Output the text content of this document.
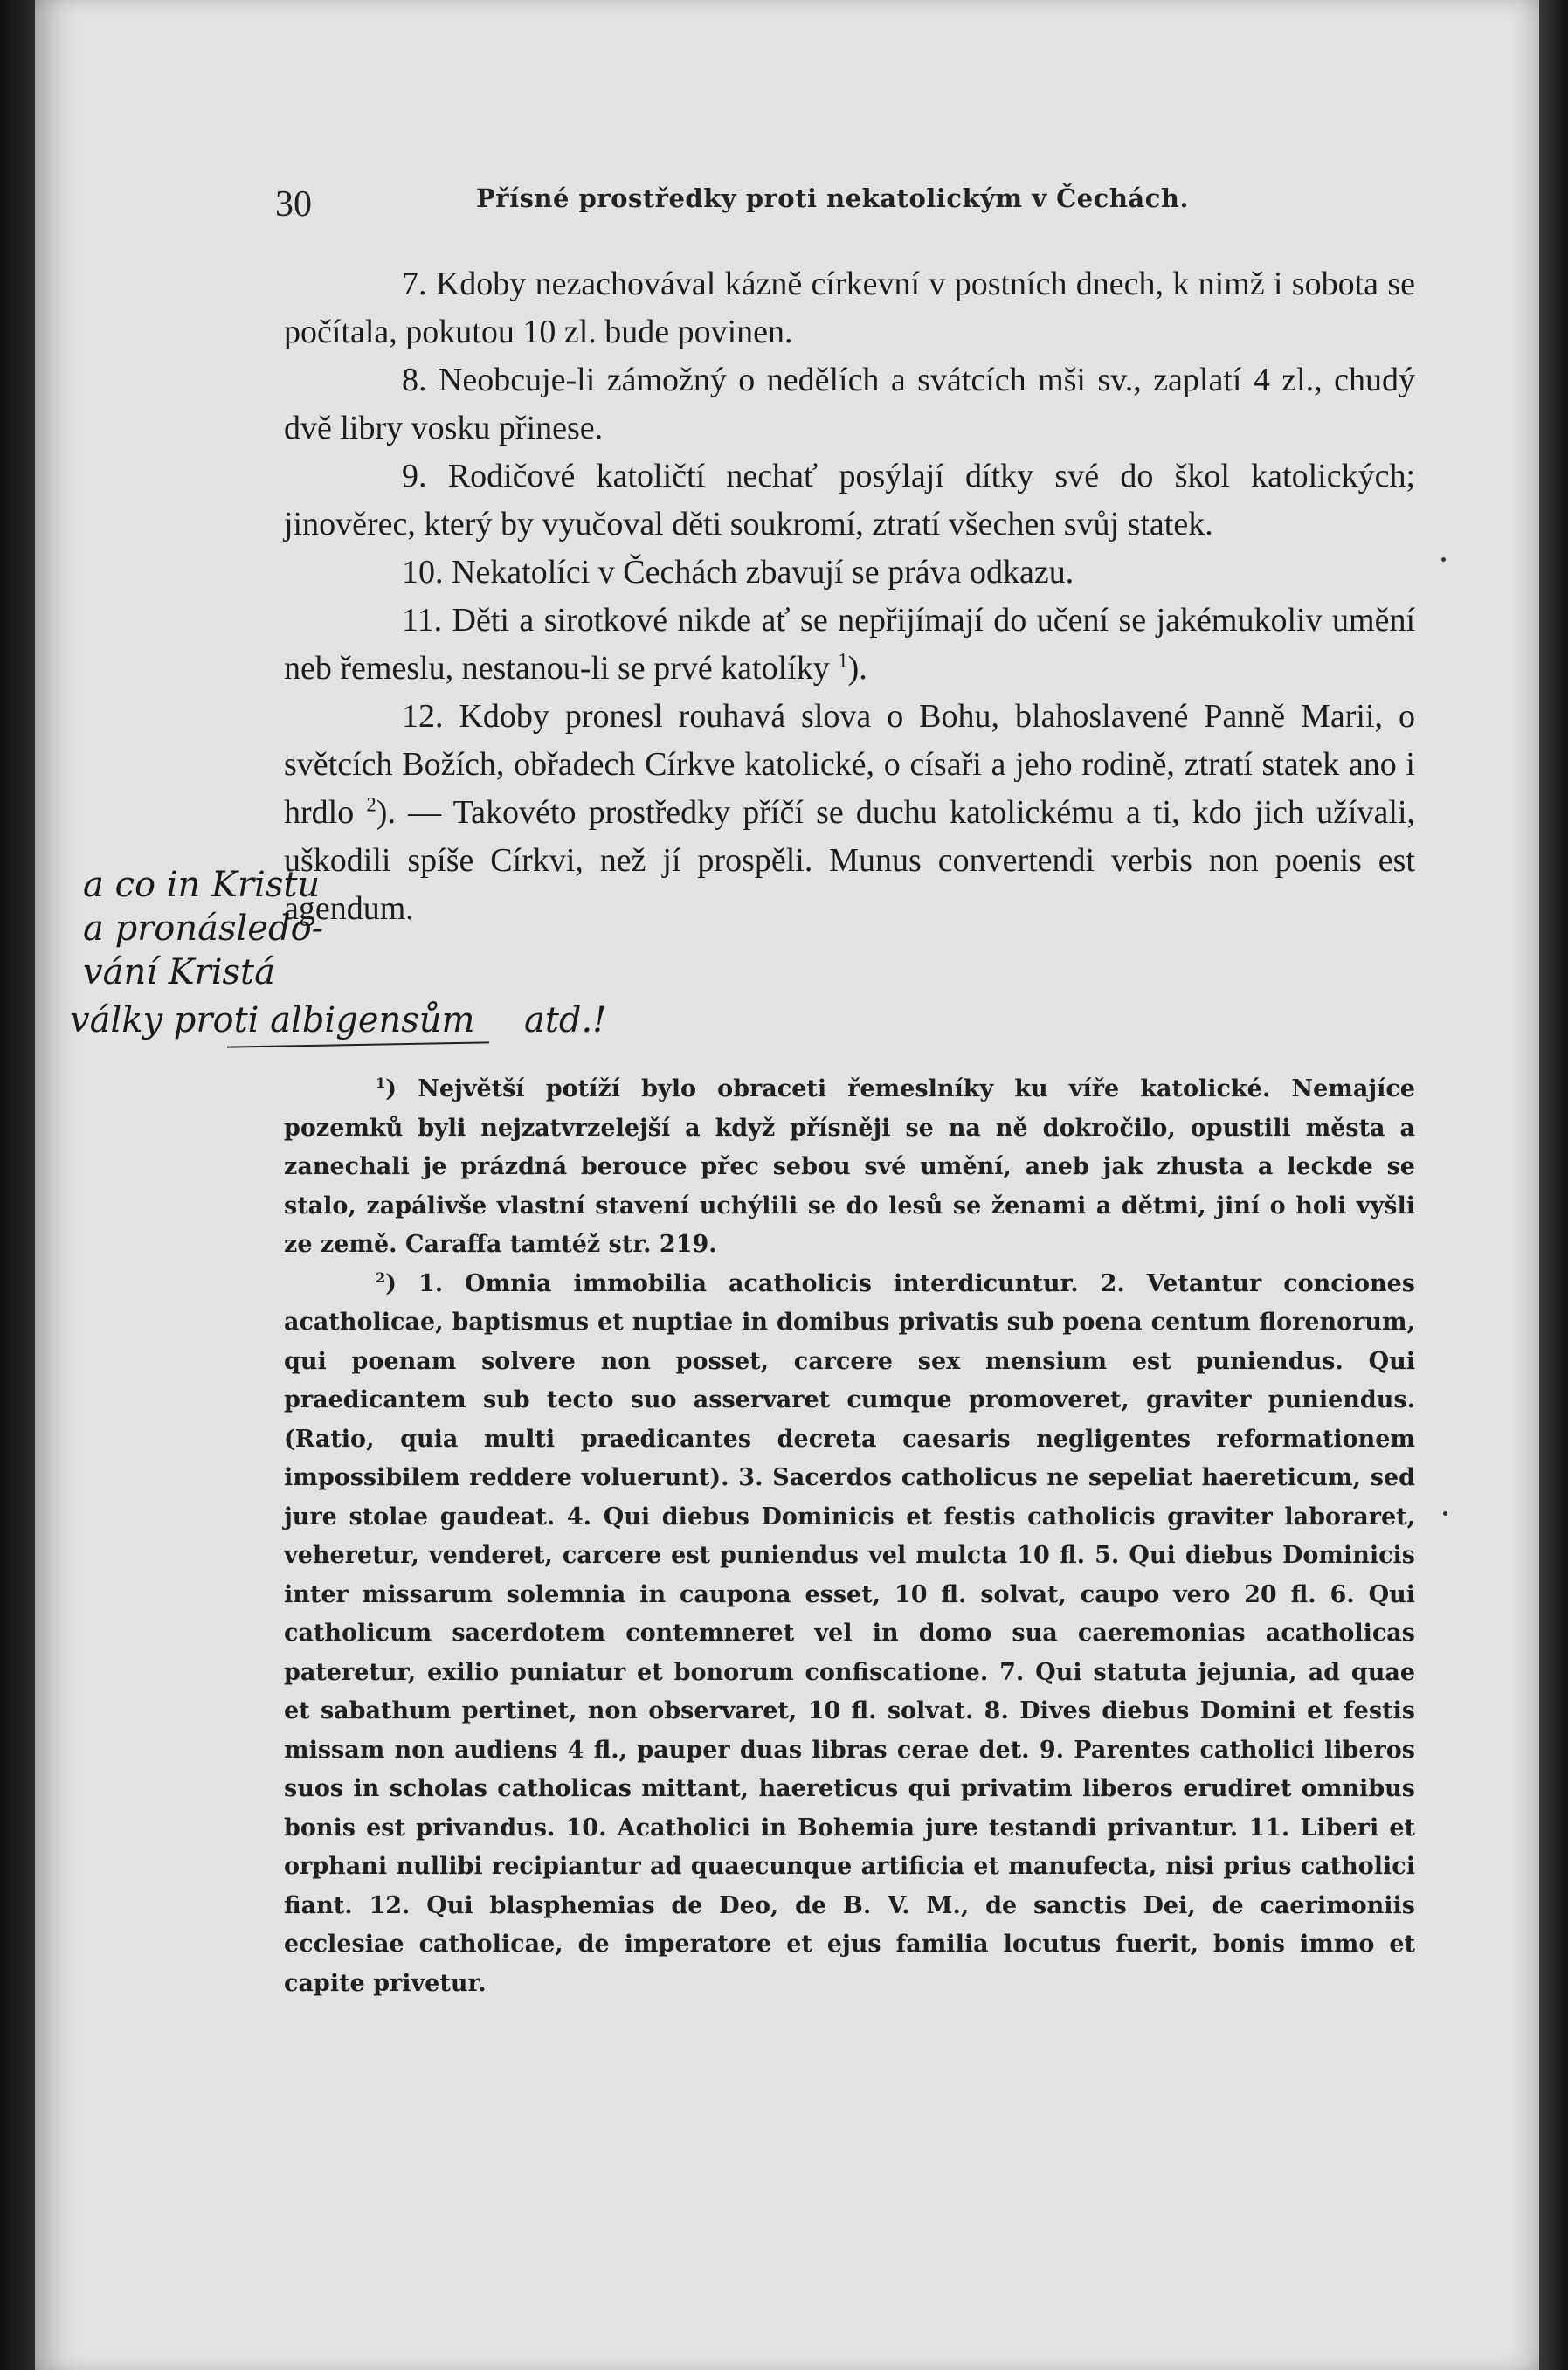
30	Přísné prostředky proti nekatolickým v Čechách.

7. Kdoby nezachovával kázně církevní v postních dnech, k nimž i sobota se počítala, pokutou 10 zl. bude povinen.

8. Neobcuje-li zámožný o nedělích a svátcích mši sv., zaplatí 4 zl., chudý dvě libry vosku přinese.

9. Rodičové katoličtí nechať posýlají dítky své do škol katolických; jinověrec, který by vyučoval děti soukromí, ztratí všechen svůj statek.

10. Nekatolíci v Čechách zbavují se práva odkazu.

11. Děti a sirotkové nikde ať se nepřijímají do učení se jakémukoliv umění neb řemeslu, nestanou-li se prvé katolíky $^1$).

12. Kdoby pronesl rouhavá slova o Bohu, blahoslavené Panně Marii, o světcích Božích, obřadech Církve katolické, o císaři a jeho rodině, ztratí statek ano i hrdlo $^2$). — Takovéto prostředky příčí se duchu katolickému a ti, kdo jich užívali, uškodili spíše Církvi, než jí prospěli. Munus convertendi verbis non poenis est agendum.

$^1$) Největší potíží bylo obraceti řemeslníky ku víře katolické. Nemajíce pozemků byli nejzatvrzelejší a když přísněji se na ně dokročilo, opustili města a zanechali je prázdná berouce přec sebou své umění, aneb jak zhusta a leckde se stalo, zapálivše vlastní stavení uchýlili se do lesů se ženami a dětmi, jiní o holi vyšli ze země. Caraffa tamtéž str. 219.

$^2$) 1. Omnia immobilia acatholicis interdicuntur. 2. Vetantur conciones acatholicae, baptismus et nuptiae in domibus privatis sub poena centum florenorum, qui poenam solvere non posset, carcere sex mensium est puniendus. Qui praedicantem sub tecto suo asservaret cumque promoveret, graviter puniendus. (Ratio, quia multi praedicantes decreta caesaris negligentes reformationem impossibilem reddere voluerunt). 3. Sacerdos catholicus ne sepeliat haereticum, sed jure stolae gaudeat. 4. Qui diebus Dominicis et festis catholicis graviter laboraret, veheretur, venderet, carcere est puniendus vel mulcta 10 fl. 5. Qui diebus Dominicis inter missarum solemnia in caupona esset, 10 fl. solvat, caupo vero 20 fl. 6. Qui catholicum sacerdotem contemneret vel in domo sua caeremonias acatholicas pateretur, exilio puniatur et bonorum confiscatione. 7. Qui statuta jejunia, ad quae et sabathum pertinet, non observaret, 10 fl. solvat. 8. Dives diebus Domini et festis missam non audiens 4 fl., pauper duas libras cerae det. 9. Parentes catholici liberos suos in scholas catholicas mittant, haereticus qui privatim liberos erudiret omnibus bonis est privandus. 10. Acatholici in Bohemia jure testandi privantur. 11. Liberi et orphani nullibi recipiantur ad quaecunque artificia et manufecta, nisi prius catholici fiant. 12. Qui blasphemias de Deo, de B. V. M., de sanctis Dei, de caerimoniis ecclesiae catholicae, de imperatore et ejus familia locutus fuerit, bonis immo et capite privetur.

a co in Kristu
a pronásledo-
vání Kristá
války proti albigensům atd.!
